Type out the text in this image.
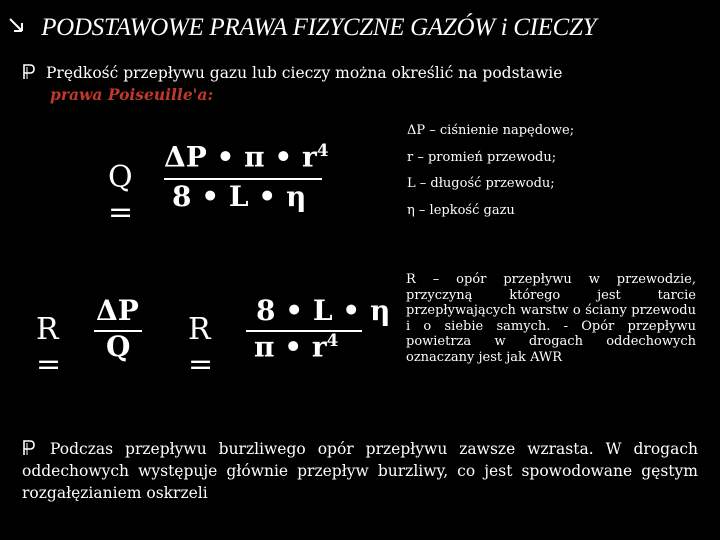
PODSTAWOWE PRAWA FIZYCZNE GAZÓW i CIECZY
Prędkość przepływu gazu lub cieczy można określić na podstawie
prawa Poiseuille'a:
Q =
ΔP • π • $r^4$
8 • L • η
ΔP – ciśnienie napędowe;
r – promień przewodu;
L – długość przewodu;
η – lepkość gazu
R =
ΔP
Q R =
8 • L • η
π • $r^4$
R – opór przepływu w przewodzie, przyczyną którego jest tarcie przepływających warstw o ściany przewodu i o siebie samych. - Opór przepływu powietrza w drogach oddechowych oznaczany jest jak AWR
Podczas przepływu burzliwego opór przepływu zawsze wzrasta. W drogach oddechowych występuje głównie przepływ burzliwy, co jest spowodowane gęstym rozgałęzianiem oskrzeli
